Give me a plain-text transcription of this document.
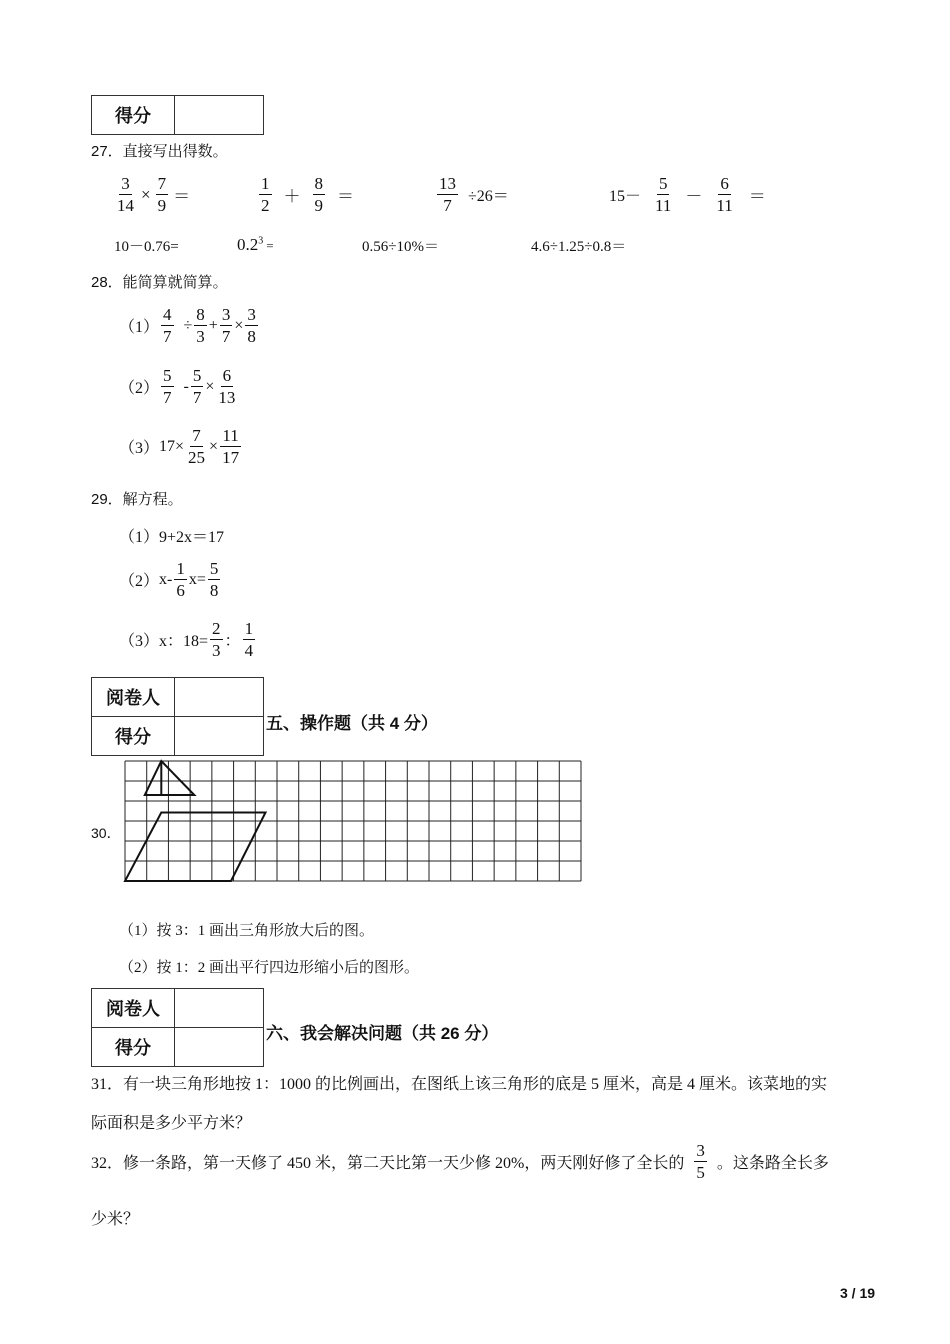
得分	
27．直接写出得数。
$\frac{3}{14} \times \frac{7}{9}$ ＝	$\frac{1}{2} + \frac{8}{9}$ ＝	$\frac{13}{7} \div 26=$	$15- \frac{5}{11} - \frac{6}{11}$ ＝
10－0.76=	$0.2^3$ =	0.56÷10%＝	4.6÷1.25÷0.8＝
28．能简算就简算。
$(1) \frac{4}{7} \div \frac{8}{3} + \frac{3}{7} \times \frac{3}{8}$
$(2) \frac{5}{7} - \frac{5}{7} \times \frac{6}{13}$
（3） $17\times \frac{7}{25} \times \frac{11}{17}$
29．解方程。
（1）9+2x＝17
（2） $x- \frac{1}{6} x= \frac{5}{8}$
（3） x：$18= \frac{2}{3}$ ： $\frac{1}{4}$
阅卷人	
得分	
五、操作题（共 4 分）
30．
（1）按 3：1 画出三角形放大后的图。
（2）按 1：2 画出平行四边形缩小后的图形。
阅卷人	
得分	
六、我会解决问题（共 26 分）
31．有一块三角形地按 1：1000 的比例画出，在图纸上该三角形的底是 5 厘米，高是 4 厘米。该菜地的实
际面积是多少平方米？
32．修一条路，第一天修了 450 米，第二天比第一天少修 20%，两天刚好修了全长的 $\frac{3}{5}$ 。这条路全长多
少米？
3 / 19
